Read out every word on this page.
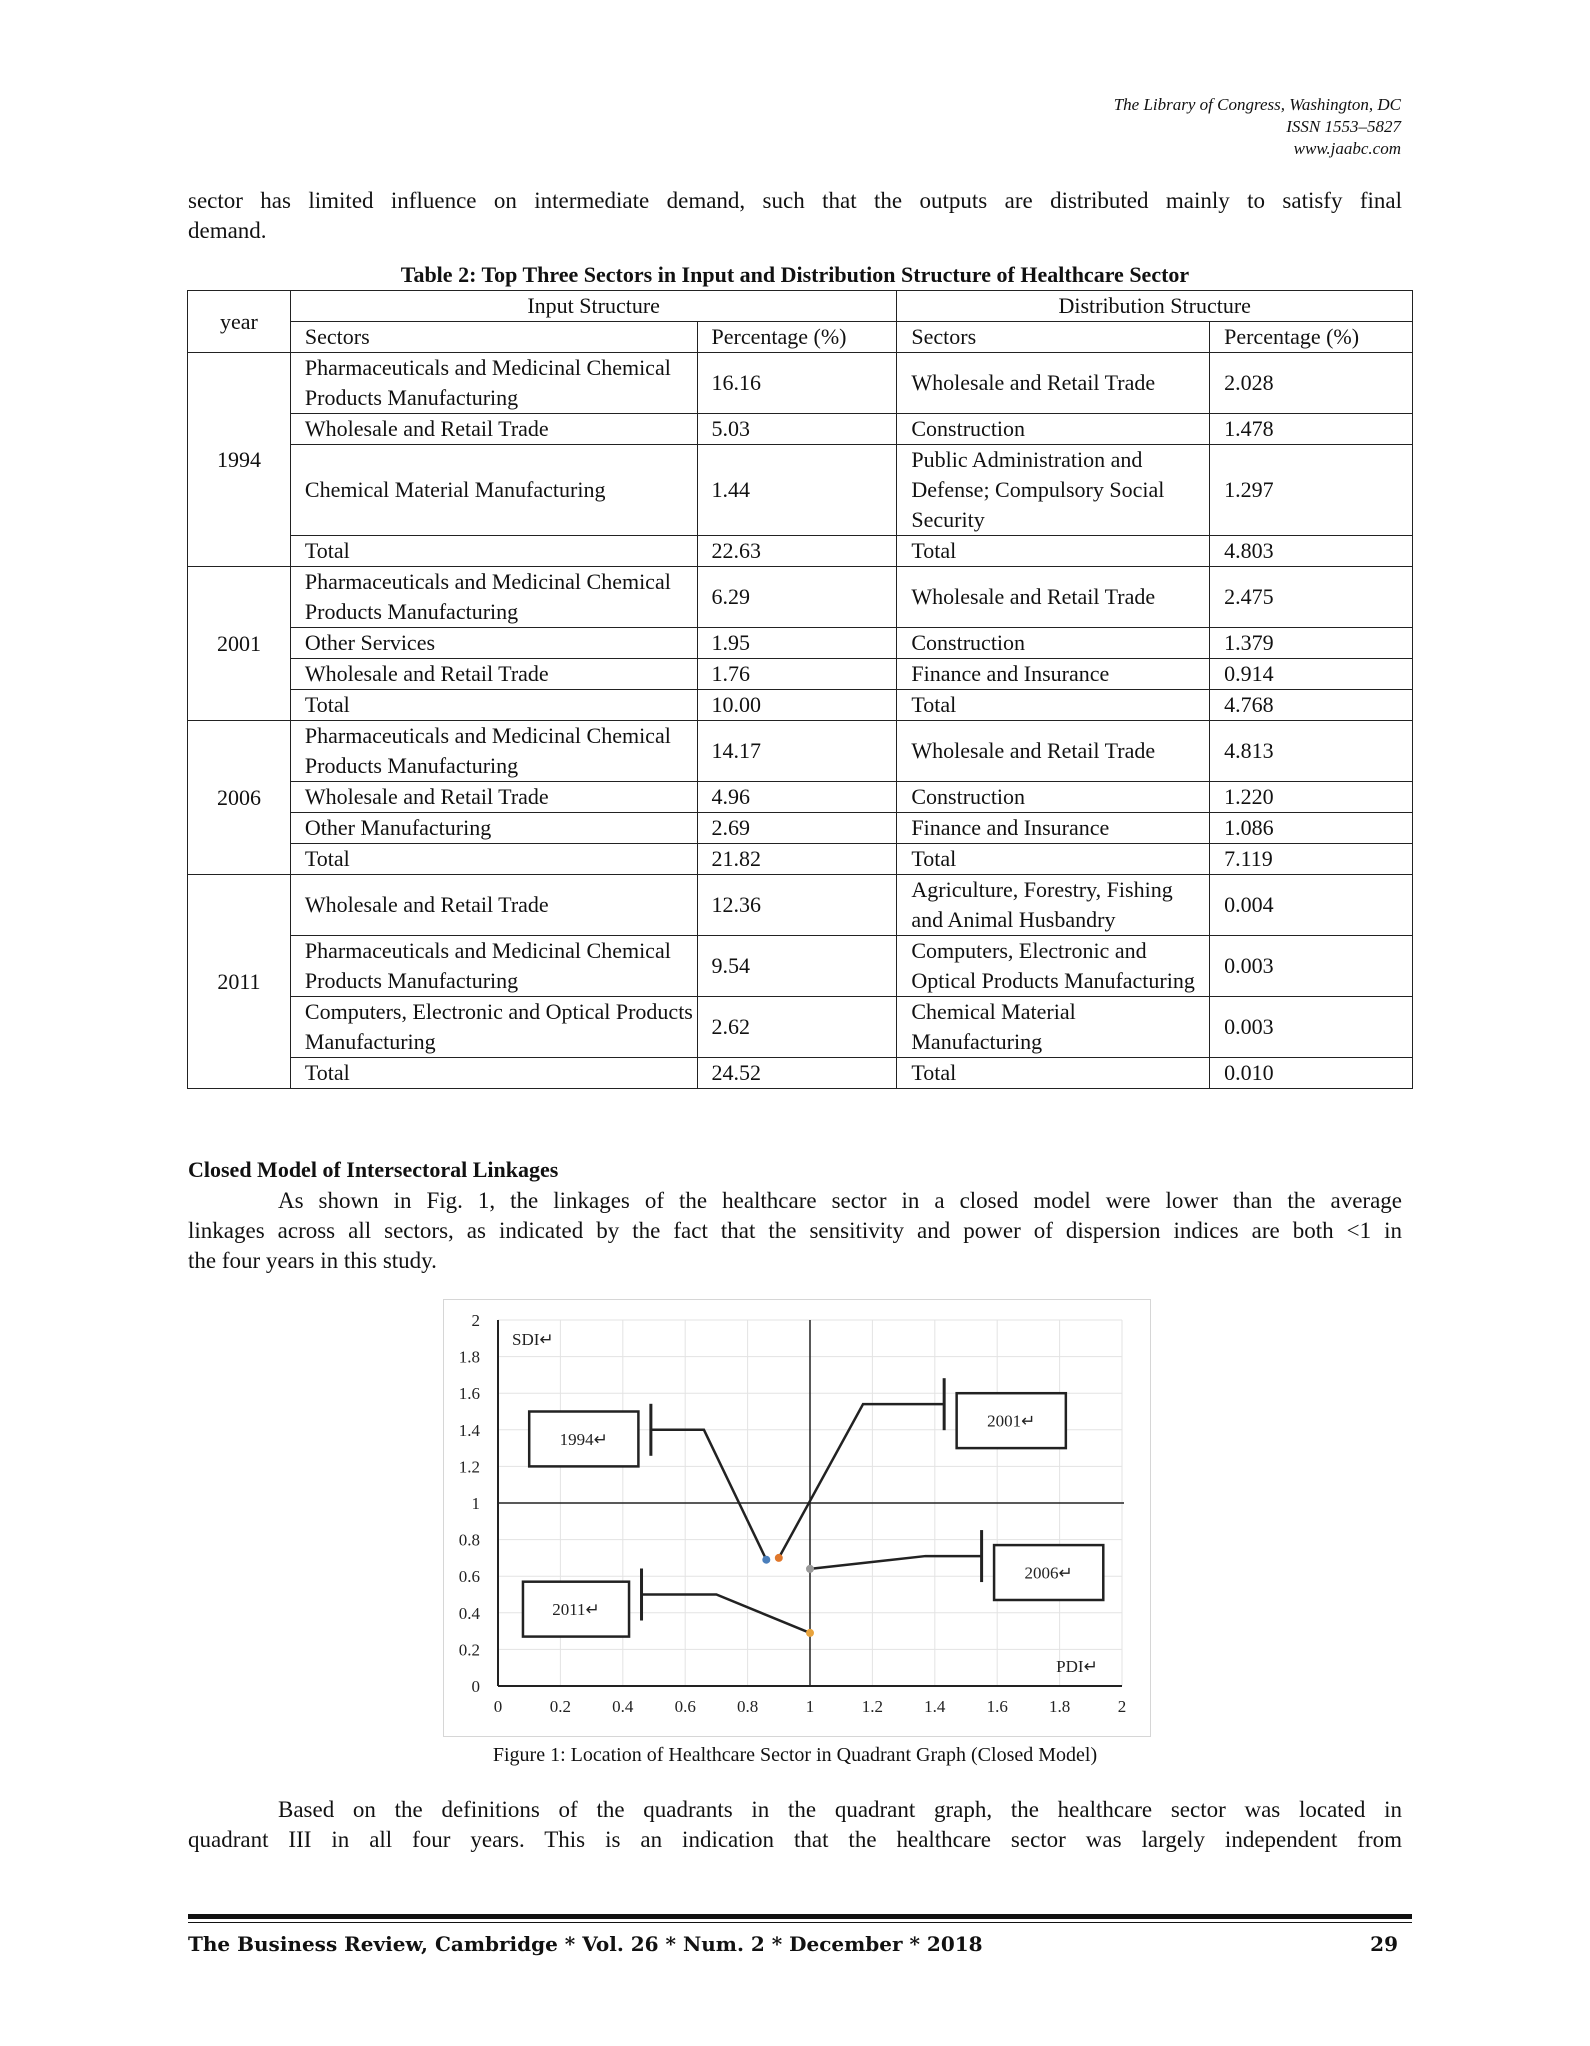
The Library of Congress, Washington, DC
ISSN 1553–5827
www.jaabc.com
sector has limited influence on intermediate demand, such that the outputs are distributed mainly to satisfy final
demand.
Table 2: Top Three Sectors in Input and Distribution Structure of Healthcare Sector
year	Input Structure		Distribution Structure	
	Sectors	Percentage (%)	Sectors	Percentage (%)
1994	Pharmaceuticals and Medicinal Chemical Products Manufacturing	16.16	Wholesale and Retail Trade	2.028
	Wholesale and Retail Trade	5.03	Construction	1.478
	Chemical Material Manufacturing	1.44	Public Administration and Defense; Compulsory Social Security	1.297
	Total	22.63	Total	4.803
2001	Pharmaceuticals and Medicinal Chemical Products Manufacturing	6.29	Wholesale and Retail Trade	2.475
	Other Services	1.95	Construction	1.379
	Wholesale and Retail Trade	1.76	Finance and Insurance	0.914
	Total	10.00	Total	4.768
2006	Pharmaceuticals and Medicinal Chemical Products Manufacturing	14.17	Wholesale and Retail Trade	4.813
	Wholesale and Retail Trade	4.96	Construction	1.220
	Other Manufacturing	2.69	Finance and Insurance	1.086
	Total	21.82	Total	7.119
2011	Wholesale and Retail Trade	12.36	Agriculture, Forestry, Fishing and Animal Husbandry	0.004
	Pharmaceuticals and Medicinal Chemical Products Manufacturing	9.54	Computers, Electronic and Optical Products Manufacturing	0.003
	Computers, Electronic and Optical Products Manufacturing	2.62	Chemical Material Manufacturing	0.003
	Total	24.52	Total	0.010
Closed Model of Intersectoral Linkages
As shown in Fig. 1, the linkages of the healthcare sector in a closed model were lower than the average
linkages across all sectors, as indicated by the fact that the sensitivity and power of dispersion indices are both <1 in
the four years in this study.
0	0.2 0.4 0.6 0.8	1	1.2 1.4 1.6 1.8	2
0
0.2
0.4
0.6
0.8
1
1.2
1.4
1.6
1.8
2
SDI↵
PDI↵
1994↵
2001↵
2006↵
2011↵
Figure 1: Location of Healthcare Sector in Quadrant Graph (Closed Model)
Based on the definitions of the quadrants in the quadrant graph, the healthcare sector was located in
quadrant III in all four years. This is an indication that the healthcare sector was largely independent from
The Business Review, Cambridge * Vol. 26 * Num. 2 * December * 2018	29
